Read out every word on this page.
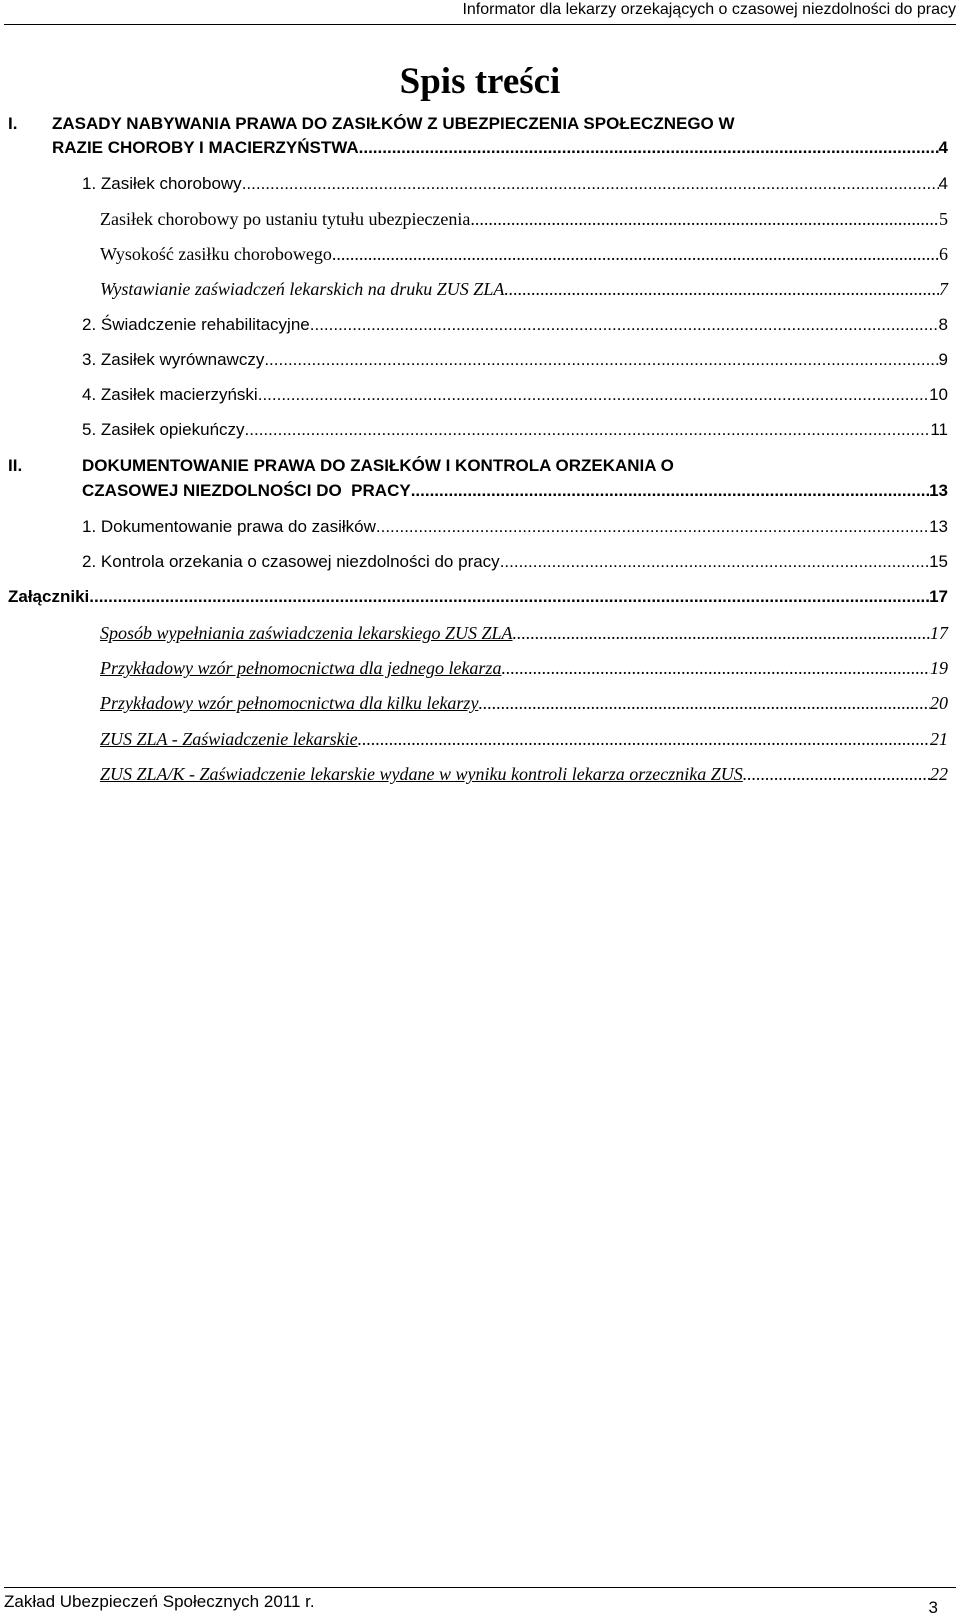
Informator dla lekarzy orzekających o czasowej niezdolności do pracy
Spis treści
I. ZASADY NABYWANIA PRAWA DO ZASIŁKÓW Z UBEZPIECZENIA SPOŁECZNEGO W
RAZIE CHOROBY I MACIERZYŃSTWA .....	4
1. Zasiłek chorobowy .....	4
Zasiłek chorobowy po ustaniu tytułu ubezpieczenia .....	5
Wysokość zasiłku chorobowego .....	6
Wystawianie zaświadczeń lekarskich na druku ZUS ZLA .....	7
2. Świadczenie rehabilitacyjne .....	8
3. Zasiłek wyrównawczy .....	9
4. Zasiłek macierzyński .....	10
5. Zasiłek opiekuńczy .....	11
II.	DOKUMENTOWANIE PRAWA DO ZASIŁKÓW I KONTROLA ORZEKANIA O
CZASOWEJ NIEZDOLNOŚCI DO  PRACY .....	13
1. Dokumentowanie prawa do zasiłków .....	13
2. Kontrola orzekania o czasowej niezdolności do pracy .....	15
Załączniki .....	17
Sposób wypełniania zaświadczenia lekarskiego ZUS ZLA .....	17
Przykładowy wzór pełnomocnictwa dla jednego lekarza .....	19
Przykładowy wzór pełnomocnictwa dla kilku lekarzy .....	20
ZUS ZLA - Zaświadczenie lekarskie .....	21
ZUS ZLA/K - Zaświadczenie lekarskie wydane w wyniku kontroli lekarza orzecznika ZUS .....	22
Zakład Ubezpieczeń Społecznych 2011 r.	3
